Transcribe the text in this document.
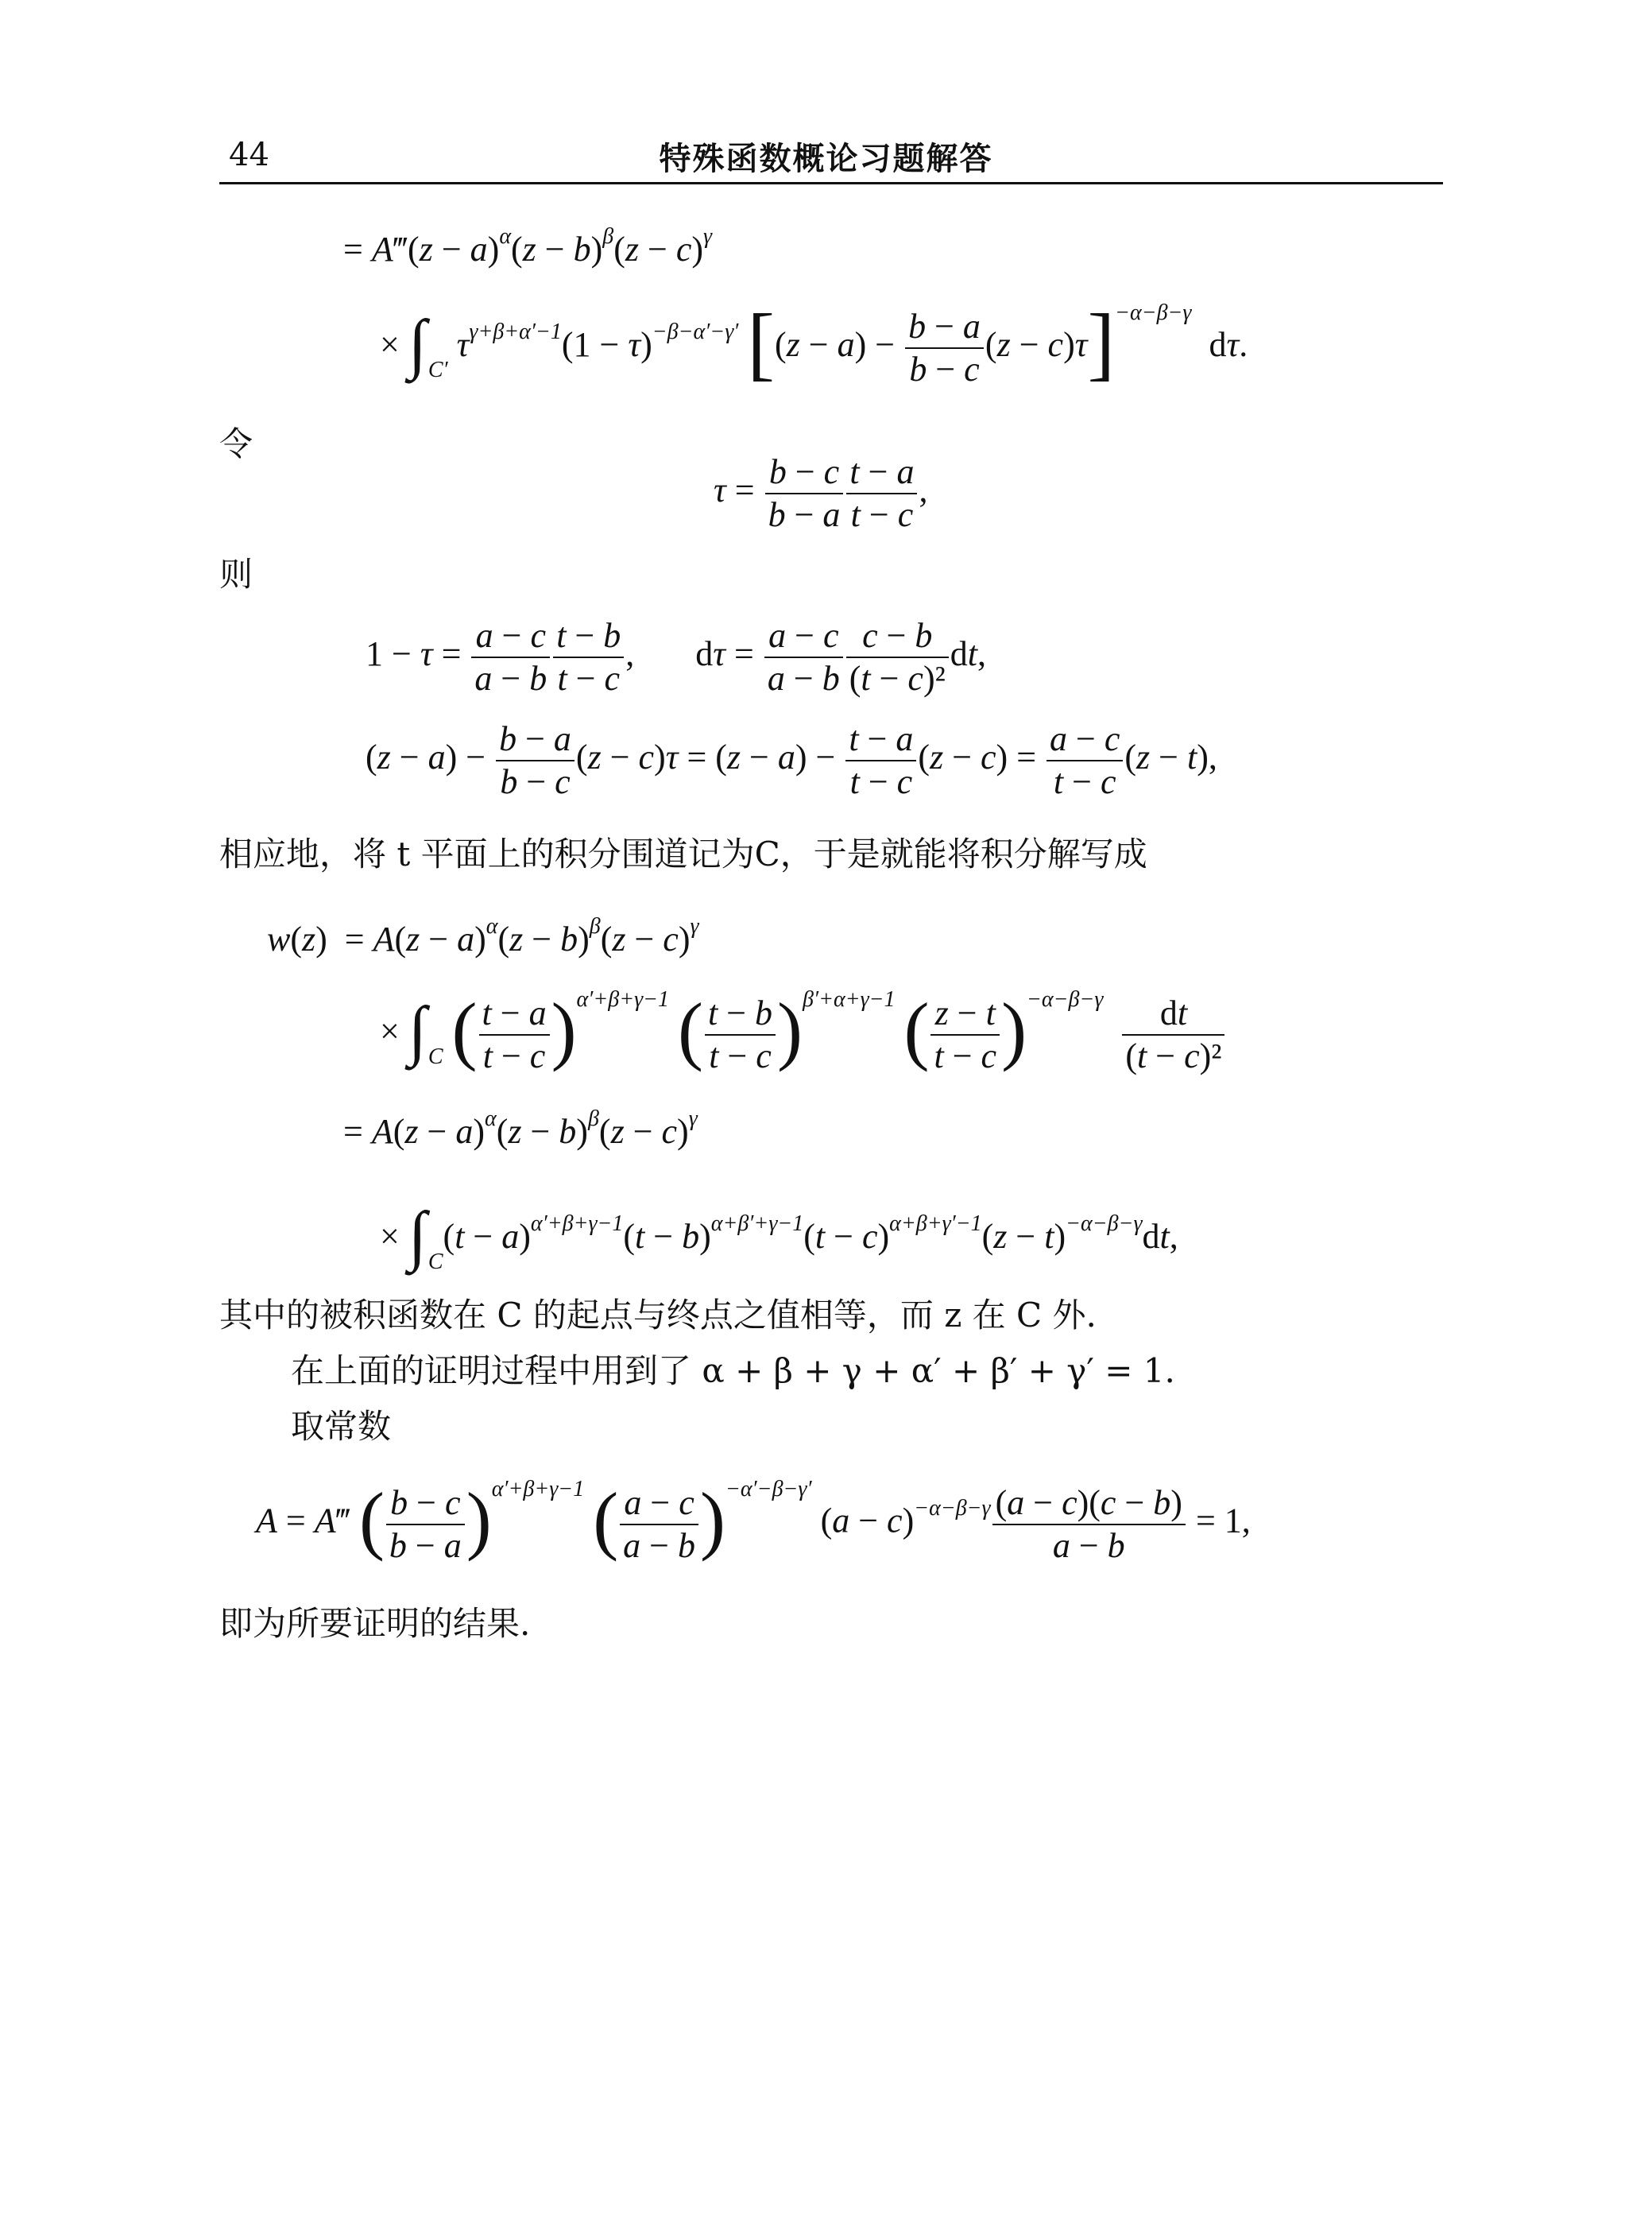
44	特殊函数概论习题解答
= A‴(z − $a)^\alpha(z - b)^\beta(z - c)^\gamma$
× $\int_{C'}$ $\tau^{\gamma+\beta+\alpha'-1}(1 - \tau)^{-\beta-\alpha'-\gamma'}$ $[(z - a) - \frac{b - a}{b - c} (z - c)\tau]^{-\alpha-\beta-\gamma}$  dτ.
令
$\tau = \frac{b - c}{b - a} \frac{t - a}{t - c}$ ,
则
$1 - \tau = \frac{a - c}{a - b} \frac{t - b}{t - c}$ ,       $d\tau = \frac{a - c}{a - b} \frac{c - b}{\text{(t − c)²}}$ dt,
$(z - a) - \frac{b - a}{b - c} (z - c)\tau = (z - a) - \frac{t - a}{t - c} (z - c) = \frac{a - c}{t - c} (z - t)$,
相应地，将 t 平面上的积分围道记为C，于是就能将积分解写成
$w(z) = A(z - a)^\alpha(z - b)^\beta(z - c)^\gamma$
× $\int_C$ ( $\frac{t - a}{t - c} )^{\alpha'+\beta+\gamma-1}$ ( $\frac{t - b}{t - c} )^{\beta'+\alpha+\gamma-1}$ ( $\frac{z - t}{t - c} )^{-\alpha-\beta-\gamma} \frac{dt}{\text{(t − c)²}}$
= $A(z - a)^\alpha(z - b)^\beta(z - c)^\gamma$
× $\int_C(t - a)^{\alpha'+\beta+\gamma-1}(t - b)^{\alpha+\beta'+\gamma-1}(t - c)^{\alpha+\beta+\gamma'-1}(z - t)^{-\alpha-\beta-\gamma}dt$,
其中的被积函数在 C 的起点与终点之值相等，而 z 在 C 外.
在上面的证明过程中用到了 α + β + γ + α′ + β′ + γ′ = 1.
取常数
A = A‴ ( $\frac{b - c}{b - a} )^{\alpha'+\beta+\gamma-1}$ ( $\frac{a - c}{a - b} )^{-\alpha'-\beta-\gamma'}$ $(a - c)^{-\alpha-\beta-\gamma} \frac{(a - c)(c - b)}{a - b} = 1$,
即为所要证明的结果.
